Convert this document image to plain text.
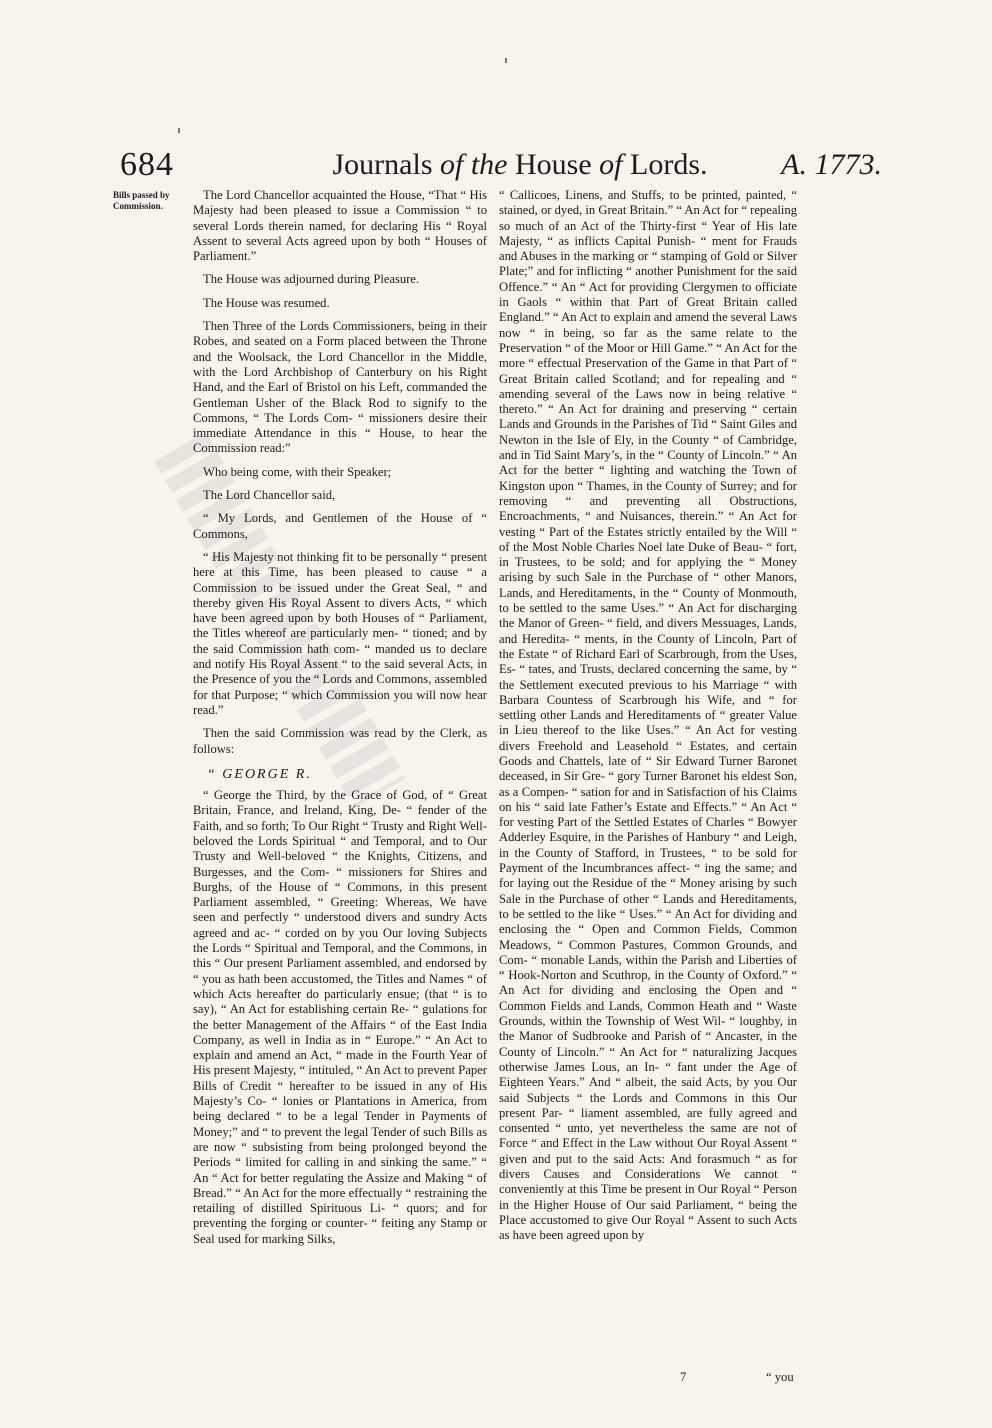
684	Journals of the House of Lords.	A. 1773.
Bills passed by Commission.

The Lord Chancellor acquainted the House, “That “ His Majesty had been pleased to issue a Commission “ to several Lords therein named, for declaring His “ Royal Assent to several Acts agreed upon by both “ Houses of Parliament.”

The House was adjourned during Pleasure.

The House was resumed.

Then Three of the Lords Commissioners, being in their Robes, and seated on a Form placed between the Throne and the Woolsack, the Lord Chancellor in the Middle, with the Lord Archbishop of Canterbury on his Right Hand, and the Earl of Bristol on his Left, commanded the Gentleman Usher of the Black Rod to signify to the Commons, “ The Lords Com- “ missioners desire their immediate Attendance in this “ House, to hear the Commission read:”

Who being come, with their Speaker;

The Lord Chancellor said,

“ My Lords, and Gentlemen of the House of “ Commons,

“ His Majesty not thinking fit to be personally “ present here at this Time, has been pleased to cause “ a Commission to be issued under the Great Seal, “ and thereby given His Royal Assent to divers Acts, “ which have been agreed upon by both Houses of “ Parliament, the Titles whereof are particularly men- “ tioned; and by the said Commission hath com- “ manded us to declare and notify His Royal Assent “ to the said several Acts, in the Presence of you the “ Lords and Commons, assembled for that Purpose; “ which Commission you will now hear read.”

Then the said Commission was read by the Clerk, as follows:

“ GEORGE R.

“ George the Third, by the Grace of God, of “ Great Britain, France, and Ireland, King, De- “ fender of the Faith, and so forth; To Our Right “ Trusty and Right Well-beloved the Lords Spiritual “ and Temporal, and to Our Trusty and Well-beloved “ the Knights, Citizens, and Burgesses, and the Com- “ missioners for Shires and Burghs, of the House of “ Commons, in this present Parliament assembled, “ Greeting: Whereas, We have seen and perfectly “ understood divers and sundry Acts agreed and ac- “ corded on by you Our loving Subjects the Lords “ Spiritual and Temporal, and the Commons, in this “ Our present Parliament assembled, and endorsed by “ you as hath been accustomed, the Titles and Names “ of which Acts hereafter do particularly ensue; (that “ is to say), “ An Act for establishing certain Re- “ gulations for the better Management of the Affairs “ of the East India Company, as well in India as in “ Europe.” “ An Act to explain and amend an Act, “ made in the Fourth Year of His present Majesty, “ intituled, “ An Act to prevent Paper Bills of Credit “ hereafter to be issued in any of His Majesty’s Co- “ lonies or Plantations in America, from being declared “ to be a legal Tender in Payments of Money;” and “ to prevent the legal Tender of such Bills as are now “ subsisting from being prolonged beyond the Periods “ limited for calling in and sinking the same.” “ An “ Act for better regulating the Assize and Making “ of Bread.” “ An Act for the more effectually “ restraining the retailing of distilled Spirituous Li- “ quors; and for preventing the forging or counter- “ feiting any Stamp or Seal used for marking Silks,

“ Callicoes, Linens, and Stuffs, to be printed, painted, “ stained, or dyed, in Great Britain.” “ An Act for “ repealing so much of an Act of the Thirty-first “ Year of His late Majesty, “ as inflicts Capital Punish- “ ment for Frauds and Abuses in the marking or “ stamping of Gold or Silver Plate;” and for inflicting “ another Punishment for the said Offence.” “ An “ Act for providing Clergymen to officiate in Gaols “ within that Part of Great Britain called England.” “ An Act to explain and amend the several Laws now “ in being, so far as the same relate to the Preservation “ of the Moor or Hill Game.” “ An Act for the more “ effectual Preservation of the Game in that Part of “ Great Britain called Scotland; and for repealing and “ amending several of the Laws now in being relative “ thereto.” “ An Act for draining and preserving “ certain Lands and Grounds in the Parishes of Tid “ Saint Giles and Newton in the Isle of Ely, in the County “ of Cambridge, and in Tid Saint Mary’s, in the “ County of Lincoln.” “ An Act for the better “ lighting and watching the Town of Kingston upon “ Thames, in the County of Surrey; and for removing “ and preventing all Obstructions, Encroachments, “ and Nuisances, therein.” “ An Act for vesting “ Part of the Estates strictly entailed by the Will “ of the Most Noble Charles Noel late Duke of Beau- “ fort, in Trustees, to be sold; and for applying the “ Money arising by such Sale in the Purchase of “ other Manors, Lands, and Hereditaments, in the “ County of Monmouth, to be settled to the same Uses.” “ An Act for discharging the Manor of Green- “ field, and divers Messuages, Lands, and Heredita- “ ments, in the County of Lincoln, Part of the Estate “ of Richard Earl of Scarbrough, from the Uses, Es- “ tates, and Trusts, declared concerning the same, by “ the Settlement executed previous to his Marriage “ with Barbara Countess of Scarbrough his Wife, and “ for settling other Lands and Hereditaments of “ greater Value in Lieu thereof to the like Uses.” “ An Act for vesting divers Freehold and Leasehold “ Estates, and certain Goods and Chattels, late of “ Sir Edward Turner Baronet deceased, in Sir Gre- “ gory Turner Baronet his eldest Son, as a Compen- “ sation for and in Satisfaction of his Claims on his “ said late Father’s Estate and Effects.” “ An Act “ for vesting Part of the Settled Estates of Charles “ Bowyer Adderley Esquire, in the Parishes of Hanbury “ and Leigh, in the County of Stafford, in Trustees, “ to be sold for Payment of the Incumbrances affect- “ ing the same; and for laying out the Residue of the “ Money arising by such Sale in the Purchase of other “ Lands and Hereditaments, to be settled to the like “ Uses.” “ An Act for dividing and enclosing the “ Open and Common Fields, Common Meadows, “ Common Pastures, Common Grounds, and Com- “ monable Lands, within the Parish and Liberties of “ Hook-Norton and Scuthrop, in the County of Oxford.” “ An Act for dividing and enclosing the Open and “ Common Fields and Lands, Common Heath and “ Waste Grounds, within the Township of West Wil- “ loughby, in the Manor of Sudbrooke and Parish of “ Ancaster, in the County of Lincoln.” “ An Act for “ naturalizing Jacques otherwise James Lous, an In- “ fant under the Age of Eighteen Years.” And “ albeit, the said Acts, by you Our said Subjects “ the Lords and Commons in this Our present Par- “ liament assembled, are fully agreed and consented “ unto, yet nevertheless the same are not of Force “ and Effect in the Law without Our Royal Assent “ given and put to the said Acts: And forasmuch “ as for divers Causes and Considerations We cannot “ conveniently at this Time be present in Our Royal “ Person in the Higher House of Our said Parliament, “ being the Place accustomed to give Our Royal “ Assent to such Acts as have been agreed upon by

7	“ you
